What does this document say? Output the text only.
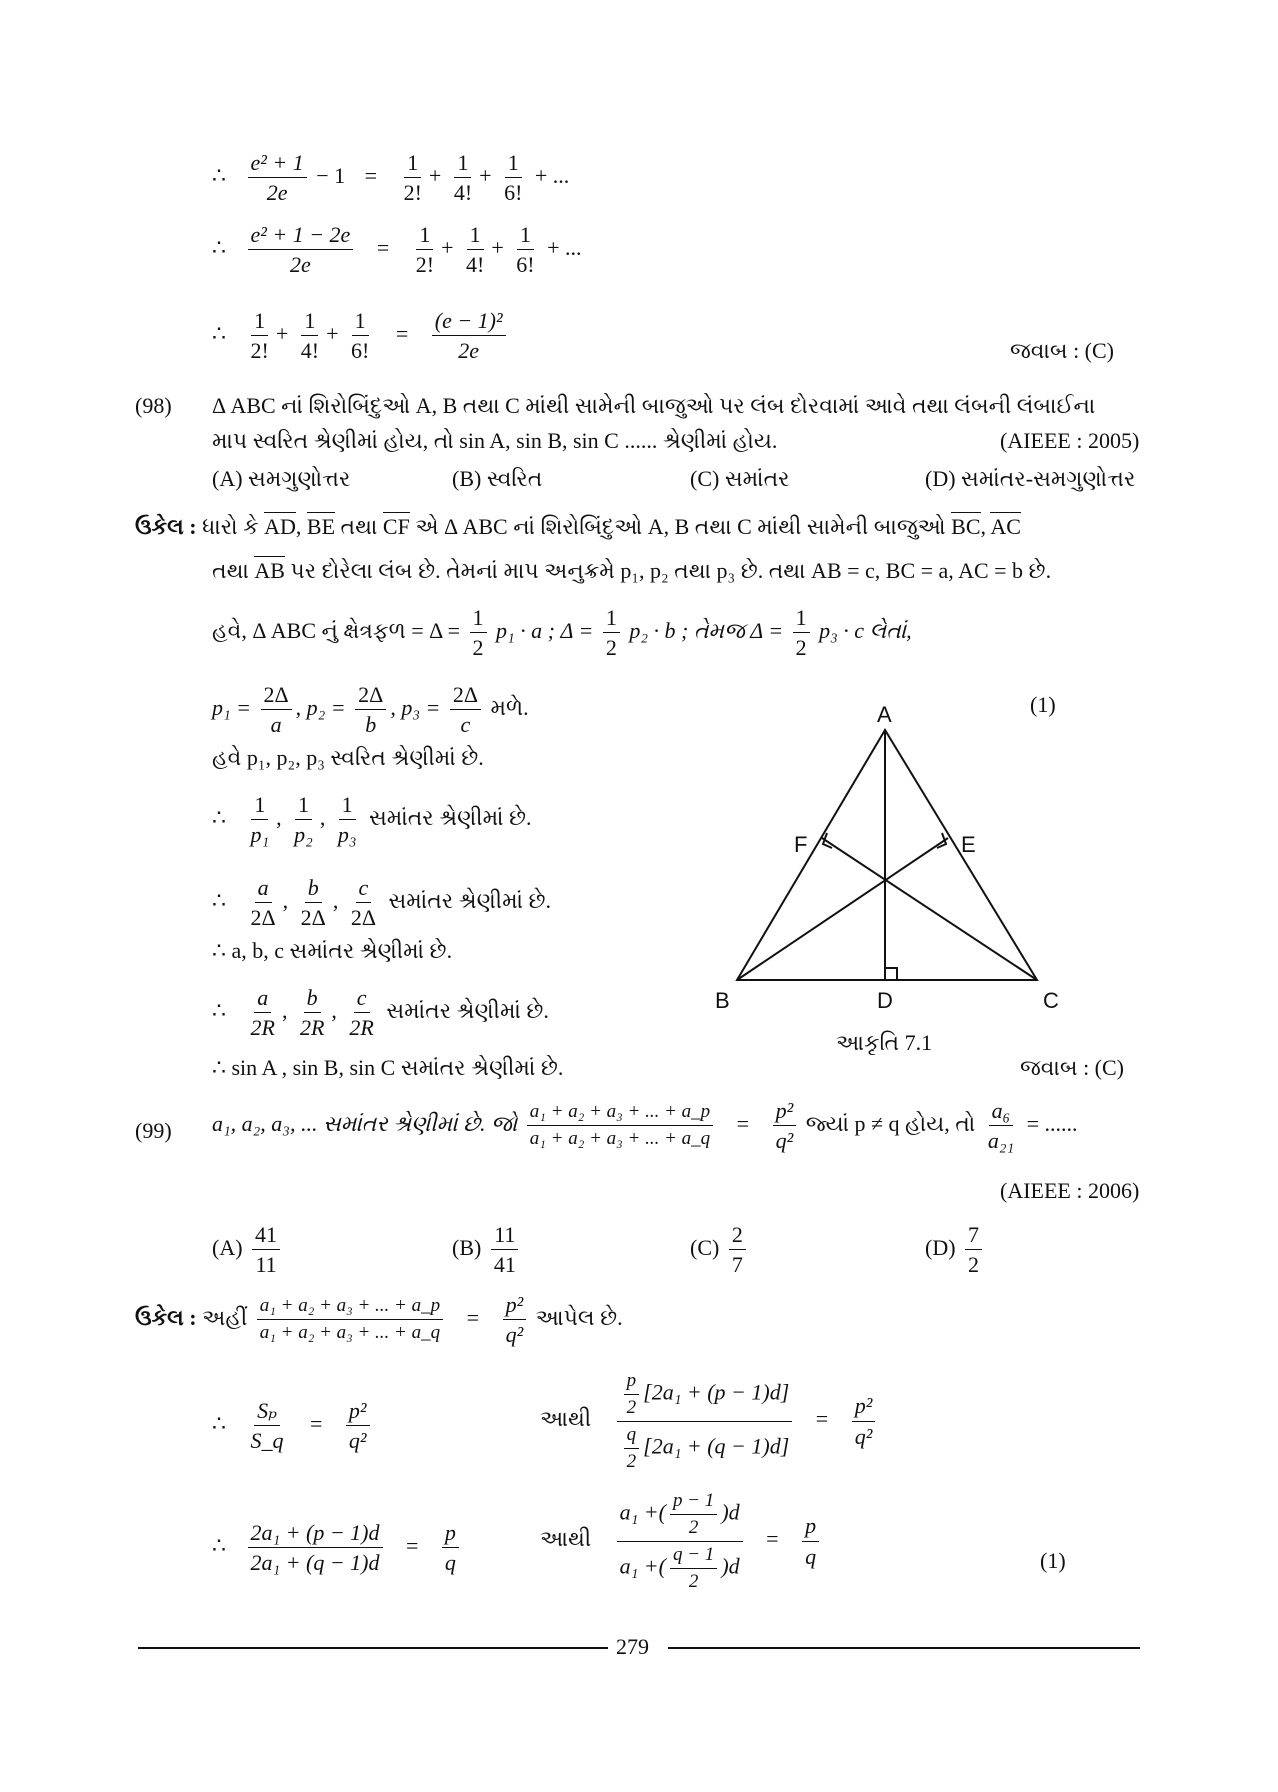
∴ $\frac{\text{e² + 1}}{2e} - 1 = \frac{1}{2!} + \frac{1}{4!} + \frac{1}{6!}$ + ...
∴ $\frac{\text{e² + 1 − 2e}}{2e} = \frac{1}{2!} + \frac{1}{4!} + \frac{1}{6!}$ + ...
∴ $\frac{1}{2!} + \frac{1}{4!} + \frac{1}{6!} = \frac{\text{(e − 1)²}}{2e}$	જવાબ : (C)
(98) Δ ABC નાં શિરોબિંદુઓ A, B તથા C માંથી સામેની બાજુઓ પર લંબ દોરવામાં આવે તથા લંબની લંબાઈના
માપ સ્વરિત શ્રેણીમાં હોય, તો sin A, sin B, sin C ...... શ્રેણીમાં હોય.	(AIEEE : 2005)
(A) સમગુણોત્તર	(B) સ્વરિત	(C) સમાંતર	(D) સમાંતર-સમગુણોત્તર
ઉકેલ : ધારો કે AD, BE તથા CF એ Δ ABC નાં શિરોબિંદુઓ A, B તથા C માંથી સામેની બાજુઓ BC, AC
તથા AB પર દોરેલા લંબ છે. તેમનાં માપ અનુક્રમે p₁, p₂ તથા p₃ છે. તથા AB = c, BC = a, AC = b છે.
હવે, Δ ABC નું ક્ષેત્રફળ = $\Delta = \frac{1}{2} p_1 \cdot a$ ; $\Delta = \frac{1}{2} p_2 \cdot b$ ; તેમજ $\Delta = \frac{1}{2} p_3 \cdot c$ લેતાં,
$p_1 = \frac{2\Delta}{a}$ , $p_2 = \frac{2\Delta}{b}$ , $p_3 = \frac{2\Delta}{c}$ મળે.	(1)
હવે p₁, p₂, p₃ સ્વરિત શ્રેણીમાં છે.
∴ $\frac{1}{\text{p₁}}$ , $\frac{1}{\text{p₂}}$ , $\frac{1}{\text{p₃}}$ સમાંતર શ્રેણીમાં છે.
∴ $\frac{a}{2\Delta}$ , $\frac{b}{2\Delta}$ , $\frac{c}{2\Delta}$ સમાંતર શ્રેણીમાં છે.
∴ a, b, c સમાંતર શ્રેણીમાં છે.
∴ $\frac{a}{2R}$ , $\frac{b}{2R}$ , $\frac{c}{2R}$ સમાંતર શ્રેણીમાં છે.
∴ sin A , sin B, sin C સમાંતર શ્રેણીમાં છે.	જવાબ : (C)
A
B	C
D
E
F
આકૃતિ 7.1
(99) a₁, a₂, a₃, ... સમાંતર શ્રેણીમાં છે. જો $\frac{\text{a₁ + a₂ + a₃ + ... + a\_p}}{\text{a₁ + a₂ + a₃ + ... + a\_q}} = \frac{\text{p²}}{\text{q²}}$ જ્યાં p ≠ q હોય, તો $\frac{\text{a₆}}{\text{a₂₁}}$ = ......
(AIEEE : 2006)
$(A) \frac{41}{11}$	$(B) \frac{11}{41}$	$(C) \frac{2}{7}$	$(D) \frac{7}{2}$
ઉકેલ : અહીં $\frac{\text{a₁ + a₂ + a₃ + ... + a\_p}}{\text{a₁ + a₂ + a₃ + ... + a\_q}} = \frac{\text{p²}}{\text{q²}}$ આપેલ છે.
∴ $\frac{\text{Sₚ}}{S\_q} = \frac{\text{p²}}{\text{q²}}$	આથી $\frac{\frac{p}{2} [2a_1 + (p - 1)d]}{\frac{q}{2} [2a_1 + (q - 1)d]} = \frac{\text{p²}}{\text{q²}}$
∴ $\frac{\text{2a₁ + (p − 1)d}}{\text{2a₁ + (q − 1)d}} = \frac{p}{q}$	આથી $\frac{a_1 +( \frac{p - 1}{2} )d}{a_1 +( \frac{q - 1}{2} )d} = \frac{p}{q}$	(1)
279
